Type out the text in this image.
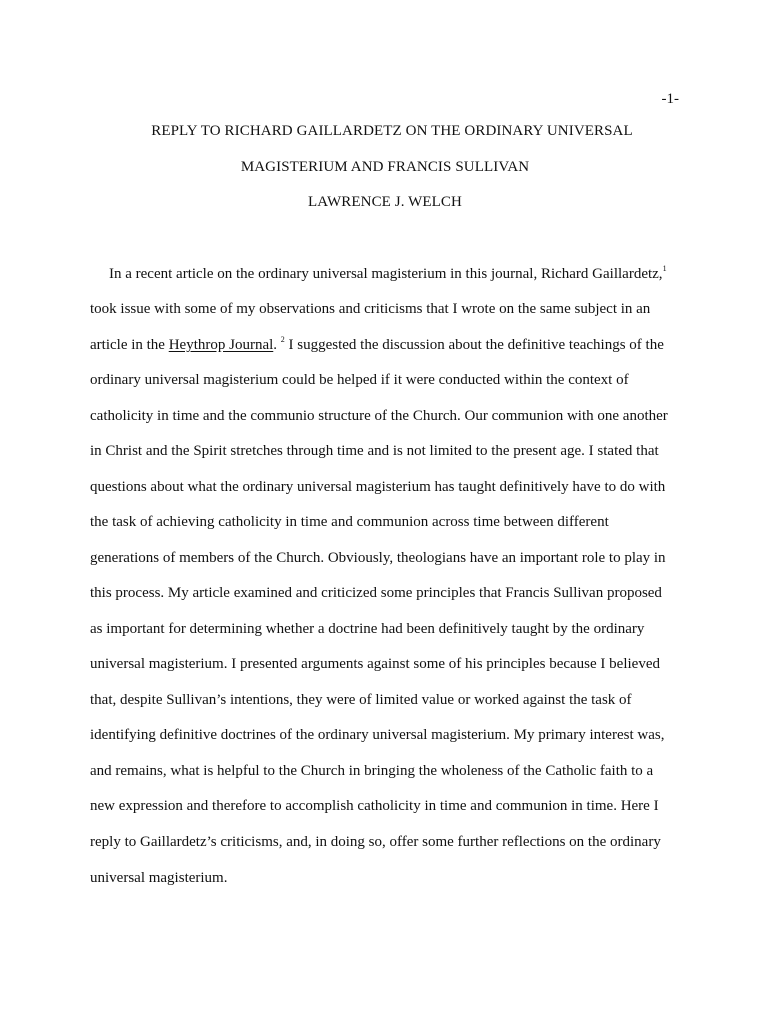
-1-
REPLY TO RICHARD GAILLARDETZ ON THE ORDINARY UNIVERSAL
MAGISTERIUM AND FRANCIS SULLIVAN
LAWRENCE J. WELCH
In a recent article on the ordinary universal magisterium in this journal, Richard Gaillardetz,$^1$
took issue with some of my observations and criticisms that I wrote on the same subject in an
article in the Heythrop Journal. $^2$ I suggested the discussion about the definitive teachings of the
ordinary universal magisterium could be helped if it were conducted within the context of
catholicity in time and the communio structure of the Church. Our communion with one another
in Christ and the Spirit stretches through time and is not limited to the present age. I stated that
questions about what the ordinary universal magisterium has taught definitively have to do with
the task of achieving catholicity in time and communion across time between different
generations of members of the Church. Obviously, theologians have an important role to play in
this process. My article examined and criticized some principles that Francis Sullivan proposed
as important for determining whether a doctrine had been definitively taught by the ordinary
universal magisterium. I presented arguments against some of his principles because I believed
that, despite Sullivan’s intentions, they were of limited value or worked against the task of
identifying definitive doctrines of the ordinary universal magisterium. My primary interest was,
and remains, what is helpful to the Church in bringing the wholeness of the Catholic faith to a
new expression and therefore to accomplish catholicity in time and communion in time. Here I
reply to Gaillardetz’s criticisms, and, in doing so, offer some further reflections on the ordinary
universal magisterium.
